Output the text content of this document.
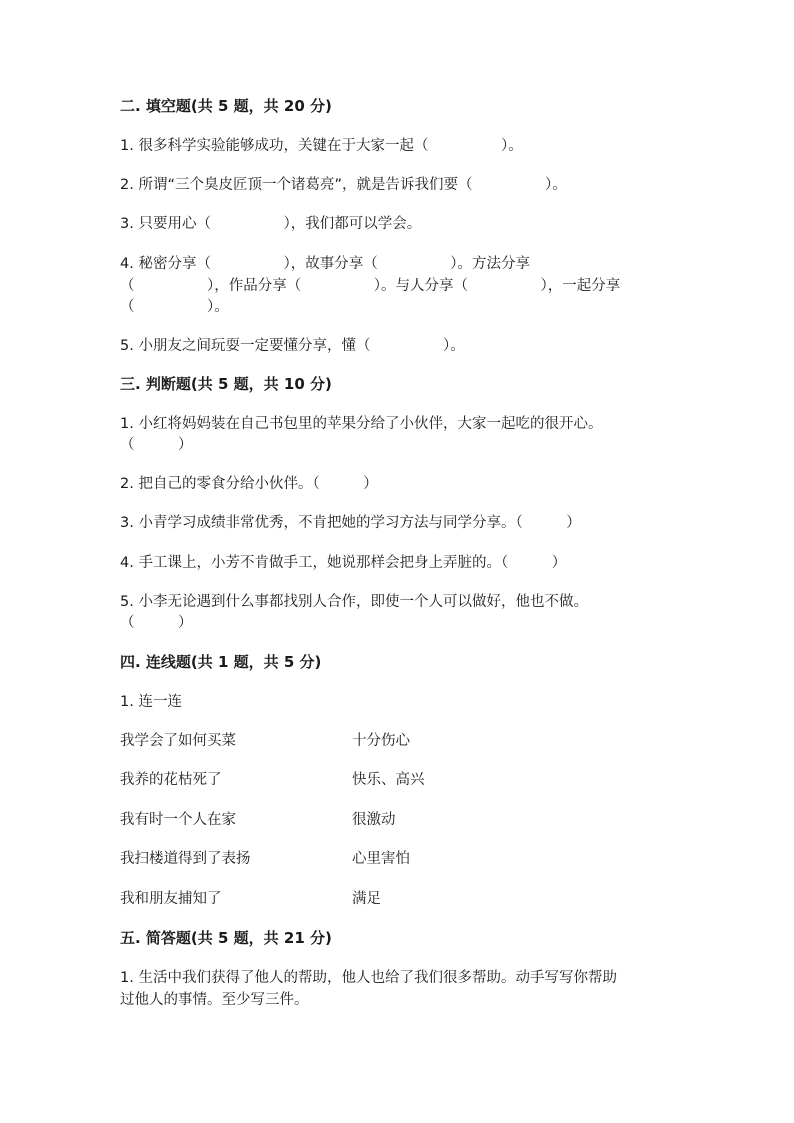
二. 填空题(共 5 题，共 20 分)
1. 很多科学实验能够成功，关键在于大家一起（　　　　　）。
2. 所谓“三个臭皮匠顶一个诸葛亮”，就是告诉我们要（　　　　　）。
3. 只要用心（　　　　　），我们都可以学会。
4. 秘密分享（　　　　　），故事分享（　　　　　）。方法分享
（　　　　　），作品分享（　　　　　）。与人分享（　　　　　），一起分享
（　　　　　）。
5. 小朋友之间玩耍一定要懂分享，懂（　　　　　）。
三. 判断题(共 5 题，共 10 分)
1. 小红将妈妈装在自己书包里的苹果分给了小伙伴，大家一起吃的很开心。
（　　　）
2. 把自己的零食分给小伙伴。（　　　）
3. 小青学习成绩非常优秀，不肯把她的学习方法与同学分享。（　　　）
4. 手工课上，小芳不肯做手工，她说那样会把身上弄脏的。（　　　）
5. 小李无论遇到什么事都找别人合作，即使一个人可以做好，他也不做。
（　　　）
四. 连线题(共 1 题，共 5 分)
1. 连一连
我学会了如何买菜	十分伤心
我养的花枯死了	快乐、高兴
我有时一个人在家	很激动
我扫楼道得到了表扬	心里害怕
我和朋友捕知了	满足
五. 简答题(共 5 题，共 21 分)
1. 生活中我们获得了他人的帮助，他人也给了我们很多帮助。动手写写你帮助
过他人的事情。至少写三件。
